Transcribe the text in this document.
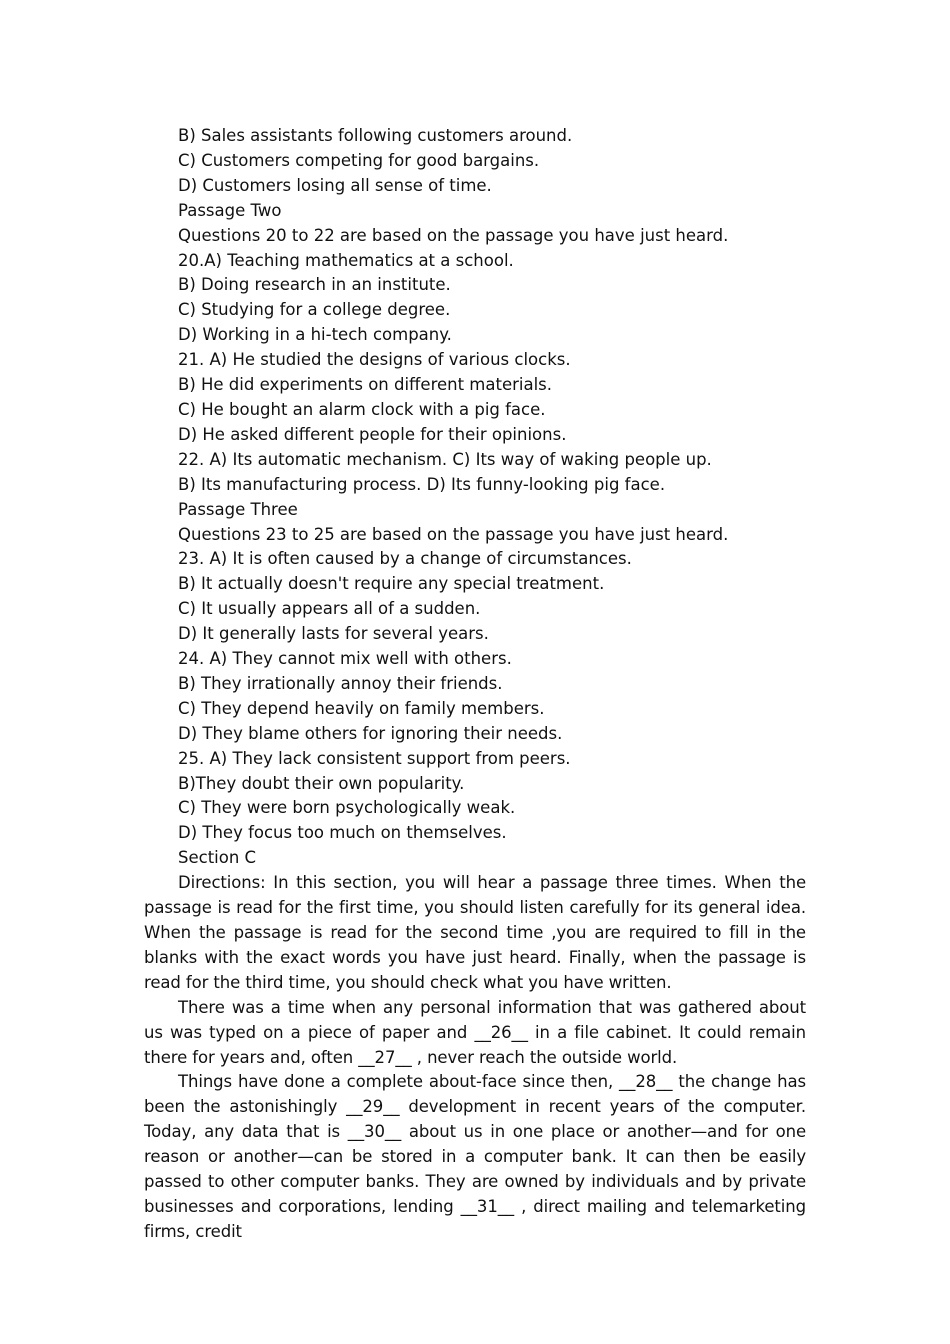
B) Sales assistants following customers around.

C) Customers competing for good bargains.

D) Customers losing all sense of time.

Passage Two

Questions 20 to 22 are based on the passage you have just heard.

20.A) Teaching mathematics at a school.

B) Doing research in an institute.

C) Studying for a college degree.

D) Working in a hi-tech company.

21. A) He studied the designs of various clocks.

B) He did experiments on different materials.

C) He bought an alarm clock with a pig face.

D) He asked different people for their opinions.

22. A) Its automatic mechanism. C) Its way of waking people up.

B) Its manufacturing process. D) Its funny-looking pig face.

Passage Three

Questions 23 to 25 are based on the passage you have just heard.

23. A) It is often caused by a change of circumstances.

B) It actually doesn't require any special treatment.

C) It usually appears all of a sudden.

D) It generally lasts for several years.

24. A) They cannot mix well with others.

B) They irrationally annoy their friends.

C) They depend heavily on family members.

D) They blame others for ignoring their needs.

25. A) They lack consistent support from peers.

B)They doubt their own popularity.

C) They were born psychologically weak.

D) They focus too much on themselves.

Section C

Directions: In this section, you will hear a passage three times. When the passage is read for the first time, you should listen carefully for its general idea. When the passage is read for the second time ,you are required to fill in the blanks with the exact words you have just heard. Finally, when the passage is read for the third time, you should check what you have written.

There was a time when any personal information that was gathered about us was typed on a piece of paper and __26__ in a file cabinet. It could remain there for years and, often __27__ , never reach the outside world.

Things have done a complete about-face since then, __28__ the change has been the astonishingly __29__ development in recent years of the computer. Today, any data that is __30__ about us in one place or another—and for one reason or another—can be stored in a computer bank. It can then be easily passed to other computer banks. They are owned by individuals and by private businesses and corporations, lending __31__ , direct mailing and telemarketing firms, credit
